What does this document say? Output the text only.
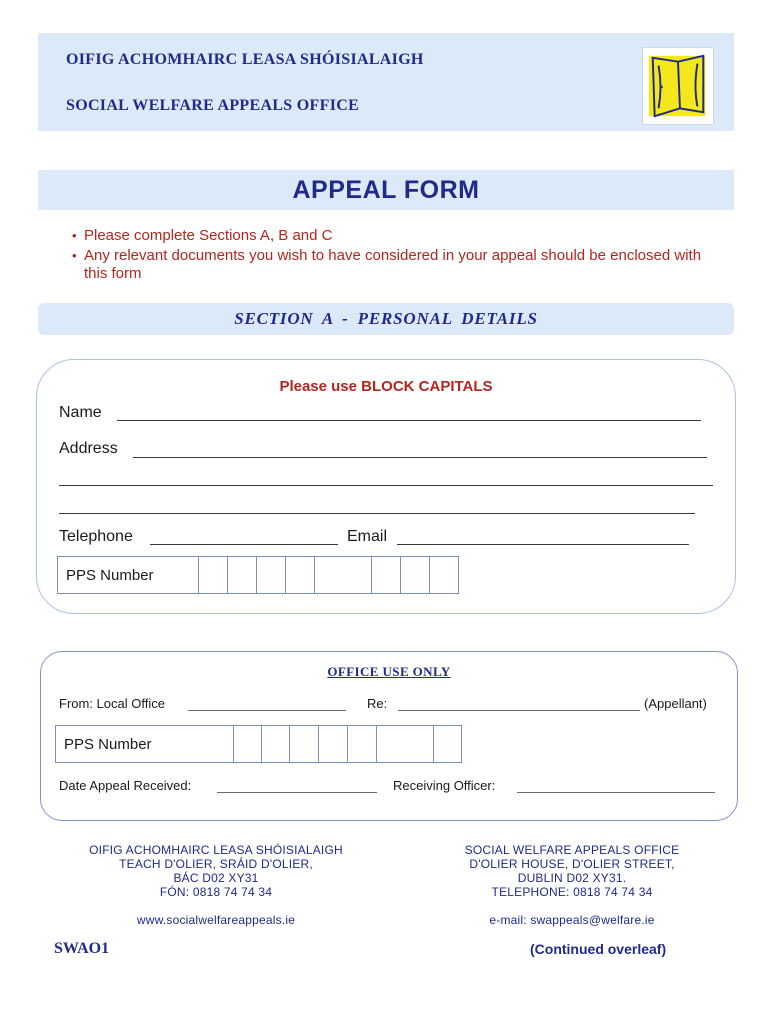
OIFIG ACHOMHAIRC LEASA SHÓISIALAIGH
SOCIAL WELFARE APPEALS OFFICE
APPEAL FORM
• Please complete Sections A, B and C
• Any relevant documents you wish to have considered in your appeal should be enclosed with this form
SECTION A - PERSONAL DETAILS
Please use BLOCK CAPITALS
Name
Address
Telephone	Email
PPS Number
OFFICE USE ONLY
From: Local Office	Re:	(Appellant)
PPS Number
Date Appeal Received:	Receiving Officer:
OIFIG ACHOMHAIRC LEASA SHÓISIALAIGH
TEACH D'OLIER, SRÁID D'OLIER,
BÁC D02 XY31
FÓN: 0818 74 74 34
www.socialwelfareappeals.ie
SOCIAL WELFARE APPEALS OFFICE
D'OLIER HOUSE, D'OLIER STREET,
DUBLIN D02 XY31.
TELEPHONE: 0818 74 74 34
e-mail: swappeals@welfare.ie
SWAO1	(Continued overleaf)
